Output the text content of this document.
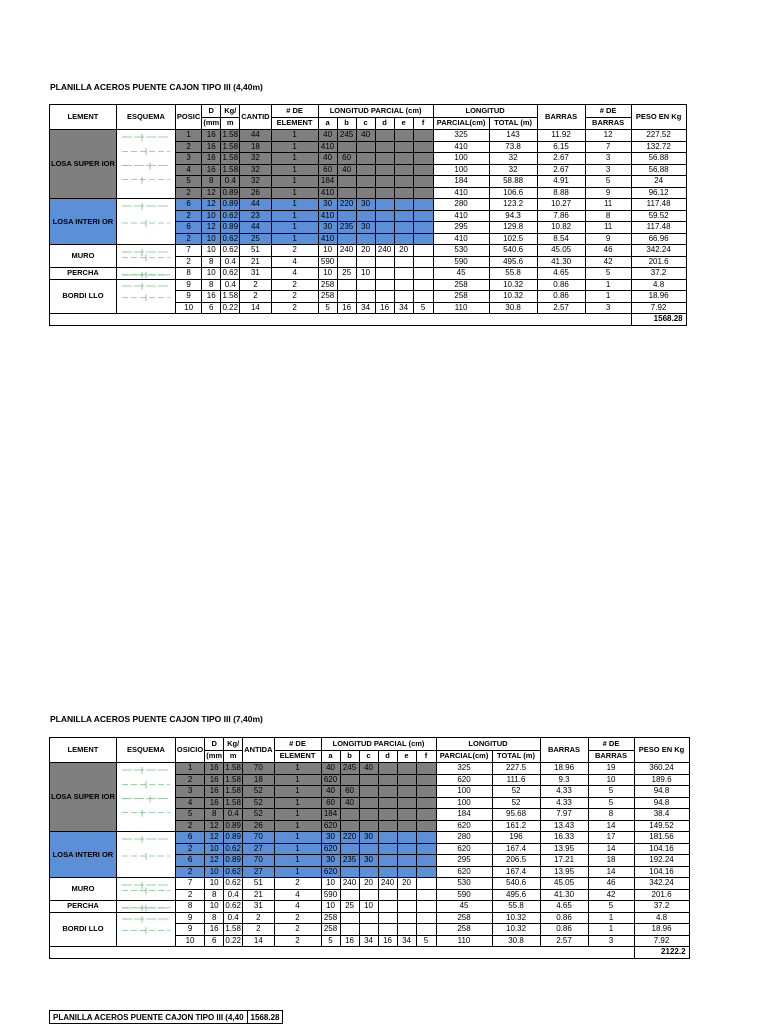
PLANILLA ACEROS PUENTE CAJON TIPO III (4,40m)
LEMENT	ESQUEMA	POSIC	D	Kg/	CANTID	# DE	LONGITUD PARCIAL (cm)						LONGITUD		BARRAS	# DE	PESO EN Kg
			(mm	m		ELEMENT	a	b	c	d	e	f	PARCIAL(cm)	TOTAL (m)		BARRAS	
LOSA SUPER IOR		1	16	1.58	44	1	40	245	40				325	143	11.92	12	227.52
		2	16	1.58	18	1	410						410	73.8	6.15	7	132.72
		3	16	1.58	32	1	40	60					100	32	2.67	3	56.88
		4	16	1.58	32	1	60	40					100	32	2.67	3	56.88
		5	8	0.4	32	1	184						184	58.88	4.91	5	24
		2	12	0.89	26	1	410						410	106.6	8.88	9	96.12
LOSA INTERI OR		6	12	0.89	44	1	30	220	30				280	123.2	10.27	11	117.48
		2	10	0.62	23	1	410						410	94.3	7.86	8	59.52
		6	12	0.89	44	1	30	235	30				295	129.8	10.82	11	117.48
		2	10	0.62	25	1	410						410	102.5	8.54	9	66.96
MURO		7	10	0.62	51	2	10	240	20	240	20		530	540.6	45.05	46	342.24
		2	8	0.4	21	4	590						590	495.6	41.30	42	201.6
PERCHA		8	10	0.62	31	4	10	25	10				45	55.8	4.65	5	37.2
BORDI LLO		9	8	0.4	2	2	258						258	10.32	0.86	1	4.8
		9	16	1.58	2	2	258						258	10.32	0.86	1	18.96
		10	6	0.22	14	2	5	16	34	16	34	5	110	30.8	2.57	3	7.92
																	1568.28
PLANILLA ACEROS PUENTE CAJON TIPO III (7,40m)
LEMENT	ESQUEMA	OSICIO	D	Kg/	ANTIDA	# DE	LONGITUD PARCIAL (cm)						LONGITUD		BARRAS	# DE	PESO EN Kg
			(mm	m		ELEMENT	a	b	c	d	e	f	PARCIAL(cm)	TOTAL (m)		BARRAS	
LOSA SUPER IOR		1	16	1.58	70	1	40	245	40				325	227.5	18.96	19	360.24
		2	16	1.58	18	1	620						620	111.6	9.3	10	189.6
		3	16	1.58	52	1	40	60					100	52	4.33	5	94.8
		4	16	1.58	52	1	60	40					100	52	4.33	5	94.8
		5	8	0.4	52	1	184						184	95.68	7.97	8	38.4
		2	12	0.89	26	1	620						620	161.2	13.43	14	149.52
LOSA INTERI OR		6	12	0.89	70	1	30	220	30				280	196	16.33	17	181.56
		2	10	0.62	27	1	620						620	167.4	13.95	14	104.16
		6	12	0.89	70	1	30	235	30				295	206.5	17.21	18	192.24
		2	10	0.62	27	1	620						620	167.4	13.95	14	104.16
MURO		7	10	0.62	51	2	10	240	20	240	20		530	540.6	45.05	46	342.24
		2	8	0.4	21	4	590						590	495.6	41.30	42	201.6
PERCHA		8	10	0.62	31	4	10	25	10				45	55.8	4.65	5	37.2
BORDI LLO		9	8	0.4	2	2	258						258	10.32	0.86	1	4.8
		9	16	1.58	2	2	258						258	10.32	0.86	1	18.96
		10	6	0.22	14	2	5	16	34	16	34	5	110	30.8	2.57	3	7.92
																	2122.2
PLANILLA ACEROS PUENTE CAJON TIPO III (4,40	1568.28
